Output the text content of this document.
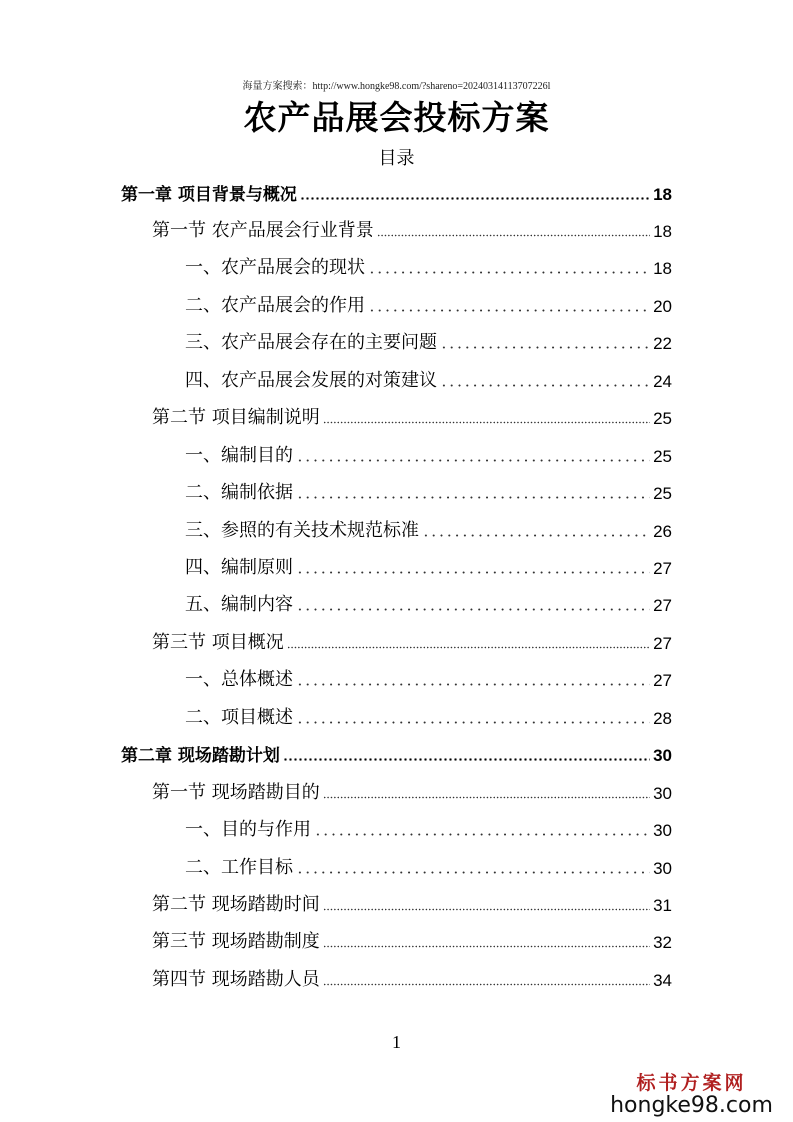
海量方案搜索：http://www.hongke98.com/?shareno=20240314113707226l
农产品展会投标方案
目录
第一章 项目背景与概况	18
第一节 农产品展会行业背景	18
一、农产品展会的现状	18
二、农产品展会的作用	20
三、农产品展会存在的主要问题	22
四、农产品展会发展的对策建议	24
第二节 项目编制说明	25
一、编制目的	25
二、编制依据	25
三、参照的有关技术规范标准	26
四、编制原则	27
五、编制内容	27
第三节 项目概况	27
一、总体概述	27
二、项目概述	28
第二章 现场踏勘计划	30
第一节 现场踏勘目的	30
一、目的与作用	30
二、工作目标	30
第二节 现场踏勘时间	31
第三节 现场踏勘制度	32
第四节 现场踏勘人员	34
1
标书方案网
hongke98.com
